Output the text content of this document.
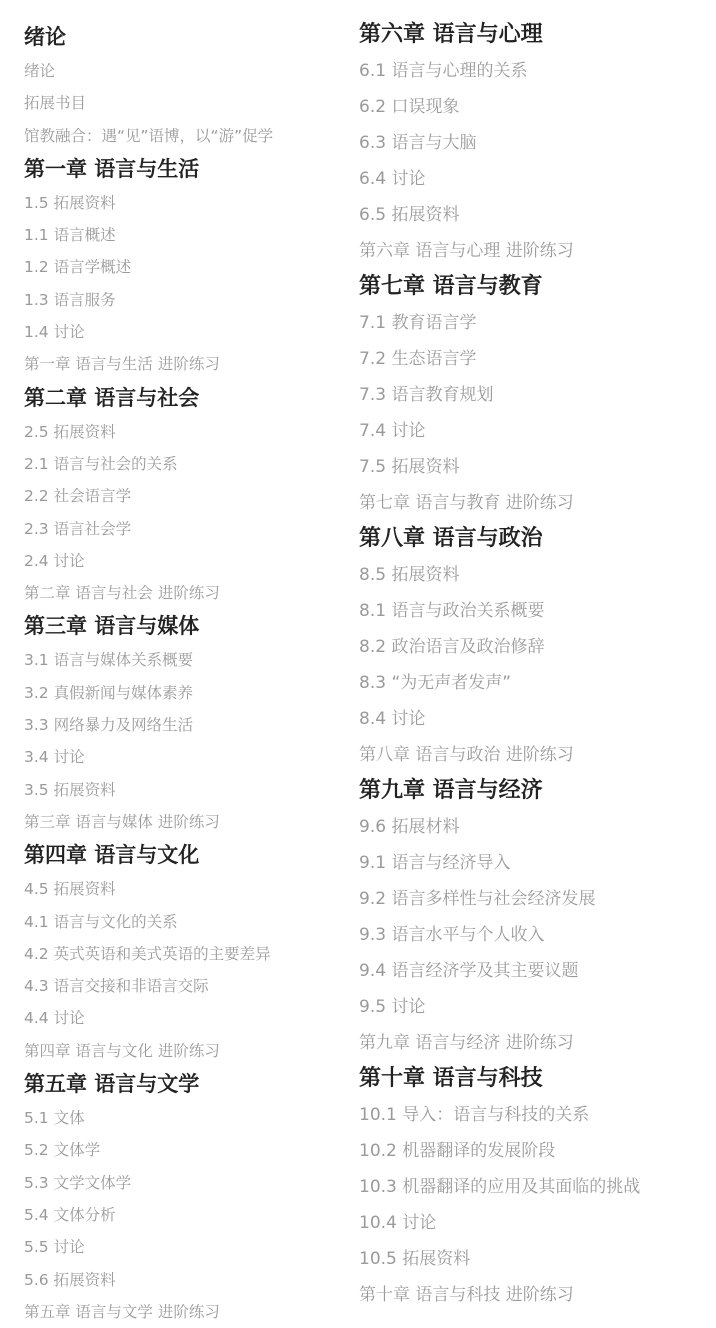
绪论
绪论
拓展书目
馆教融合：遇“见”语博，以“游”促学
第一章 语言与生活
1.5 拓展资料
1.1 语言概述
1.2 语言学概述
1.3 语言服务
1.4 讨论
第一章 语言与生活 进阶练习
第二章 语言与社会
2.5 拓展资料
2.1 语言与社会的关系
2.2 社会语言学
2.3 语言社会学
2.4 讨论
第二章 语言与社会 进阶练习
第三章 语言与媒体
3.1 语言与媒体关系概要
3.2 真假新闻与媒体素养
3.3 网络暴力及网络生活
3.4 讨论
3.5 拓展资料
第三章 语言与媒体 进阶练习
第四章 语言与文化
4.5 拓展资料
4.1 语言与文化的关系
4.2 英式英语和美式英语的主要差异
4.3 语言交接和非语言交际
4.4 讨论
第四章 语言与文化 进阶练习
第五章 语言与文学
5.1 文体
5.2 文体学
5.3 文学文体学
5.4 文体分析
5.5 讨论
5.6 拓展资料
第五章 语言与文学 进阶练习
第六章 语言与心理
6.1 语言与心理的关系
6.2 口误现象
6.3 语言与大脑
6.4 讨论
6.5 拓展资料
第六章 语言与心理 进阶练习
第七章 语言与教育
7.1 教育语言学
7.2 生态语言学
7.3 语言教育规划
7.4 讨论
7.5 拓展资料
第七章 语言与教育 进阶练习
第八章 语言与政治
8.5 拓展资料
8.1 语言与政治关系概要
8.2 政治语言及政治修辞
8.3 “为无声者发声”
8.4 讨论
第八章 语言与政治 进阶练习
第九章 语言与经济
9.6 拓展材料
9.1 语言与经济导入
9.2 语言多样性与社会经济发展
9.3 语言水平与个人收入
9.4 语言经济学及其主要议题
9.5 讨论
第九章 语言与经济 进阶练习
第十章 语言与科技
10.1 导入：语言与科技的关系
10.2 机器翻译的发展阶段
10.3 机器翻译的应用及其面临的挑战
10.4 讨论
10.5 拓展资料
第十章 语言与科技 进阶练习
